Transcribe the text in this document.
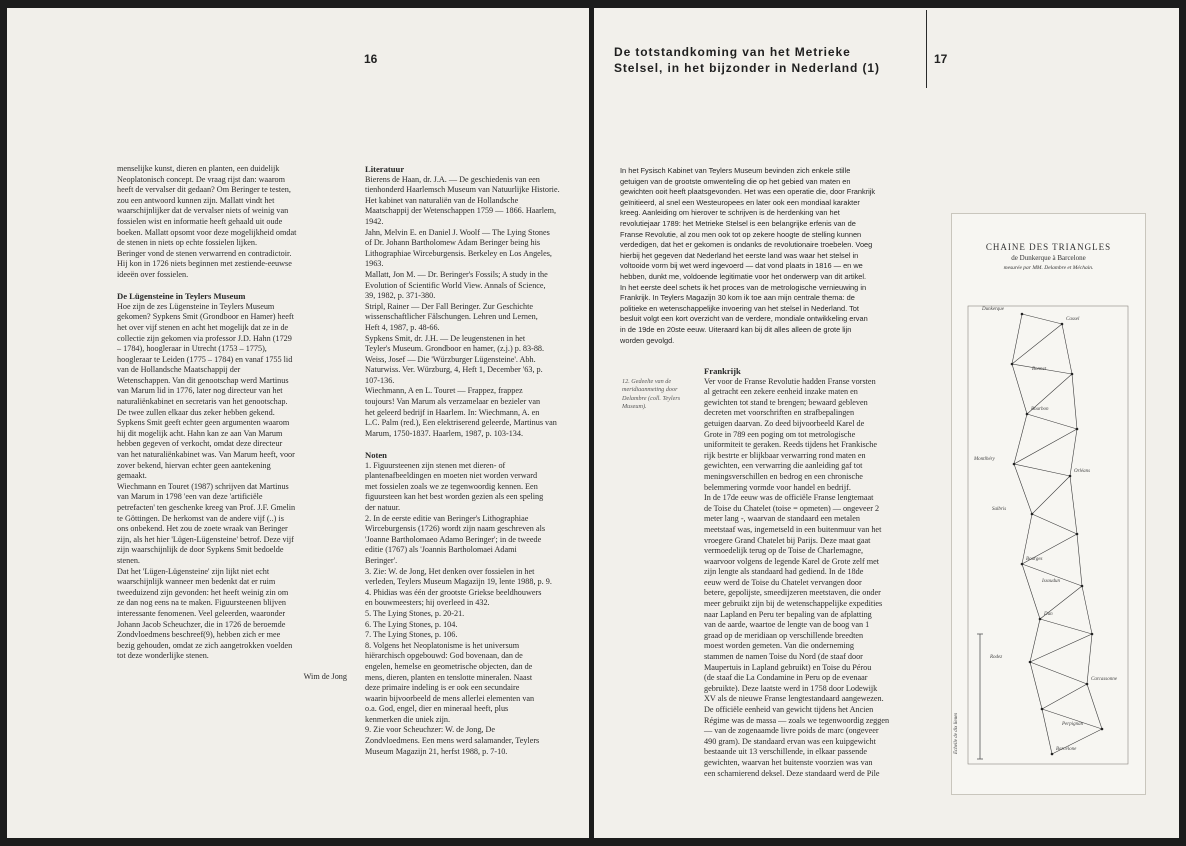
16
menselijke kunst, dieren en planten, een duidelijk
Neoplatonisch concept. De vraag rijst dan: waarom
heeft de vervalser dit gedaan? Om Beringer te testen,
zou een antwoord kunnen zijn. Mallatt vindt het
waarschijnlijker dat de vervalser niets of weinig van
fossielen wist en informatie heeft gehaald uit oude
boeken. Mallatt opsomt voor deze mogelijkheid omdat
de stenen in niets op echte fossielen lijken.
Beringer vond de stenen verwarrend en contradictoir.
Hij kon in 1726 niets beginnen met zestiende-eeuwse
ideeën over fossielen.
De Lügensteine in Teylers Museum
Hoe zijn de zes Lügensteine in Teylers Museum
gekomen? Sypkens Smit (Grondboor en Hamer) heeft
het over vijf stenen en acht het mogelijk dat ze in de
collectie zijn gekomen via professor J.D. Hahn (1729
– 1784), hoogleraar in Utrecht (1753 – 1775),
hoogleraar te Leiden (1775 – 1784) en vanaf 1755 lid
van de Hollandsche Maatschappij der
Wetenschappen. Van dit genootschap werd Martinus
van Marum lid in 1776, later nog directeur van het
naturaliënkabinet en secretaris van het genootschap.
De twee zullen elkaar dus zeker hebben gekend.
Sypkens Smit geeft echter geen argumenten waarom
hij dit mogelijk acht. Hahn kan ze aan Van Marum
hebben gegeven of verkocht, omdat deze directeur
van het naturaliënkabinet was. Van Marum heeft, voor
zover bekend, hiervan echter geen aantekening
gemaakt.
Wiechmann en Touret (1987) schrijven dat Martinus
van Marum in 1798 'een van deze 'artificiële
petrefacten' ten geschenke kreeg van Prof. J.F. Gmelin
te Göttingen. De herkomst van de andere vijf (..) is
ons onbekend. Het zou de zoete wraak van Beringer
zijn, als het hier 'Lügen-Lügensteine' betrof. Deze vijf
zijn waarschijnlijk de door Sypkens Smit bedoelde
stenen.
Dat het 'Lügen-Lügensteine' zijn lijkt niet echt
waarschijnlijk wanneer men bedenkt dat er ruim
tweeduizend zijn gevonden: het heeft weinig zin om
ze dan nog eens na te maken. Figuursteenen blijven
interessante fenomenen. Veel geleerden, waaronder
Johann Jacob Scheuchzer, die in 1726 de beroemde
Zondvloedmens beschreef(9), hebben zich er mee
bezig gehouden, omdat ze zich aangetrokken voelden
tot deze wonderlijke stenen.
Wim de Jong
Literatuur
Bierens de Haan, dr. J.A. — De geschiedenis van een
tienhonderd Haarlemsch Museum van Natuurlijke Historie.
Het kabinet van naturaliën van de Hollandsche
Maatschappij der Wetenschappen 1759 — 1866. Haarlem,
1942.
Jahn, Melvin E. en Daniel J. Woolf — The Lying Stones
of Dr. Johann Bartholomew Adam Beringer being his
Lithographiae Wirceburgensis. Berkeley en Los Angeles,
1963.
Mallatt, Jon M. — Dr. Beringer's Fossils; A study in the
Evolution of Scientific World View. Annals of Science,
39, 1982, p. 371-380.
Stripl, Rainer — Der Fall Beringer. Zur Geschichte
wissenschaftlicher Fälschungen. Lehren und Lernen,
Heft 4, 1987, p. 48-66.
Sypkens Smit, dr. J.H. — De leugenstenen in het
Teyler's Museum. Grondboor en hamer, (z.j.) p. 83-88.
Weiss, Josef — Die 'Würzburger Lügensteine'. Abh.
Naturwiss. Ver. Würzburg, 4, Heft 1, December '63, p.
107-136.
Wiechmann, A en L. Touret — Frappez, frappez
toujours! Van Marum als verzamelaar en bezieler van
het geleerd bedrijf in Haarlem. In: Wiechmann, A. en
L.C. Palm (red.), Een elektriserend geleerde, Martinus van
Marum, 1750-1837. Haarlem, 1987, p. 103-134.
Noten
1. Figuursteenen zijn stenen met dieren- of
plantenafbeeldingen en moeten niet worden verward
met fossielen zoals we ze tegenwoordig kennen. Een
figuursteen kan het best worden gezien als een speling
der natuur.
2. In de eerste editie van Beringer's Lithographiae
Wirceburgensis (1726) wordt zijn naam geschreven als
'Joanne Bartholomaeo Adamo Beringer'; in de tweede
editie (1767) als 'Joannis Bartholomaei Adami
Beringer'.
3. Zie: W. de Jong, Het denken over fossielen in het
verleden, Teylers Museum Magazijn 19, lente 1988, p. 9.
4. Phidias was één der grootste Griekse beeldhouwers
en bouwmeesters; hij overleed in 432.
5. The Lying Stones, p. 20-21.
6. The Lying Stones, p. 104.
7. The Lying Stones, p. 106.
8. Volgens het Neoplatonisme is het universum
hiërarchisch opgebouwd: God bovenaan, dan de
engelen, hemelse en geometrische objecten, dan de
mens, dieren, planten en tenslotte mineralen. Naast
deze primaire indeling is er ook een secundaire
waarin bijvoorbeeld de mens allerlei elementen van
o.a. God, engel, dier en mineraal heeft, plus
kenmerken die uniek zijn.
9. Zie voor Scheuchzer: W. de Jong, De
Zondvloedmens. Een mens werd salamander, Teylers
Museum Magazijn 21, herfst 1988, p. 7-10.
De totstandkoming van het Metrieke
Stelsel, in het bijzonder in Nederland (1)
17
In het Fysisch Kabinet van Teylers Museum bevinden zich enkele stille
getuigen van de grootste omwenteling die op het gebied van maten en
gewichten ooit heeft plaatsgevonden. Het was een operatie die, door Frankrijk
geïnitieerd, al snel een Westeuropees en later ook een mondiaal karakter
kreeg. Aanleiding om hierover te schrijven is de herdenking van het
revolutiejaar 1789: het Metrieke Stelsel is een belangrijke erfenis van de
Franse Revolutie, al zou men ook tot op zekere hoogte de stelling kunnen
verdedigen, dat het er gekomen is ondanks de revolutionaire troebelen. Voeg
hierbij het gegeven dat Nederland het eerste land was waar het stelsel in
voltooide vorm bij wet werd ingevoerd — dat vond plaats in 1816 — en we
hebben, dunkt me, voldoende legitimatie voor het onderwerp van dit artikel.
In het eerste deel schets ik het proces van de metrologische vernieuwing in
Frankrijk. In Teylers Magazijn 30 kom ik toe aan mijn centrale thema: de
politieke en wetenschappelijke invoering van het stelsel in Nederland. Tot
besluit volgt een kort overzicht van de verdere, mondiale ontwikkeling ervan
in de 19de en 20ste eeuw. Uiteraard kan bij dit alles alleen de grote lijn
worden gevolgd.
12. Gedeelte van de
meridiaanmeting door
Delambre (coll. Teylers
Museum).
Frankrijk
Ver voor de Franse Revolutie hadden Franse vorsten
al getracht een zekere eenheid inzake maten en
gewichten tot stand te brengen; bewaard gebleven
decreten met voorschriften en strafbepalingen
getuigen daarvan. Zo deed bijvoorbeeld Karel de
Grote in 789 een poging om tot metrologische
uniformiteit te geraken. Reeds tijdens het Frankische
rijk bestrte er blijkbaar verwarring rond maten en
gewichten, een verwarring die aanleiding gaf tot
meningsverschillen en bedrog en een chronische
belemmering vormde voor handel en bedrijf.
In de 17de eeuw was de officiële Franse lengtemaat
de Toise du Chatelet (toise = opmeten) — ongeveer 2
meter lang -, waarvan de standaard een metalen
meetstaaf was, ingemetseld in een buitenmuur van het
vroegere Grand Chatelet bij Parijs. Deze maat gaat
vermoedelijk terug op de Toise de Charlemagne,
waarvoor volgens de legende Karel de Grote zelf met
zijn lengte als standaard had gediend. In de 18de
eeuw werd de Toise du Chatelet vervangen door
betere, gepolijste, smeedijzeren meetstaven, die onder
meer gebruikt zijn bij de wetenschappelijke expedities
naar Lapland en Peru ter bepaling van de afplatting
van de aarde, waartoe de lengte van de boog van 1
graad op de meridiaan op verschillende breedten
moest worden gemeten. Van die onderneming
stammen de namen Toise du Nord (de staaf door
Maupertuis in Lapland gebruikt) en Toise du Pérou
(de staaf die La Condamine in Peru op de evenaar
gebruikte). Deze laatste werd in 1758 door Lodewijk
XV als de nieuwe Franse lengtestandaard aangewezen.
De officiële eenheid van gewicht tijdens het Ancien
Régime was de massa — zoals we tegenwoordig zeggen
— van de zogenaamde livre poids de marc (ongeveer
490 gram). De standaard ervan was een kuipgewicht
bestaande uit 13 verschillende, in elkaar passende
gewichten, waarvan het buitenste voorzien was van
een scharnierend deksel. Deze standaard werd de Pile
CHAINE DES TRIANGLES
de Dunkerque à Barcelone
mesurée par MM. Delambre et Méchain.
Dunkerque
Cassel
Bonnet
Bourbon
Montlhéry
Orléans
Salbris
Bourges
Issoudun
Dun
Rodez
Carcassonne
Perpignan
Barcelone
Echelle de dix lieues
